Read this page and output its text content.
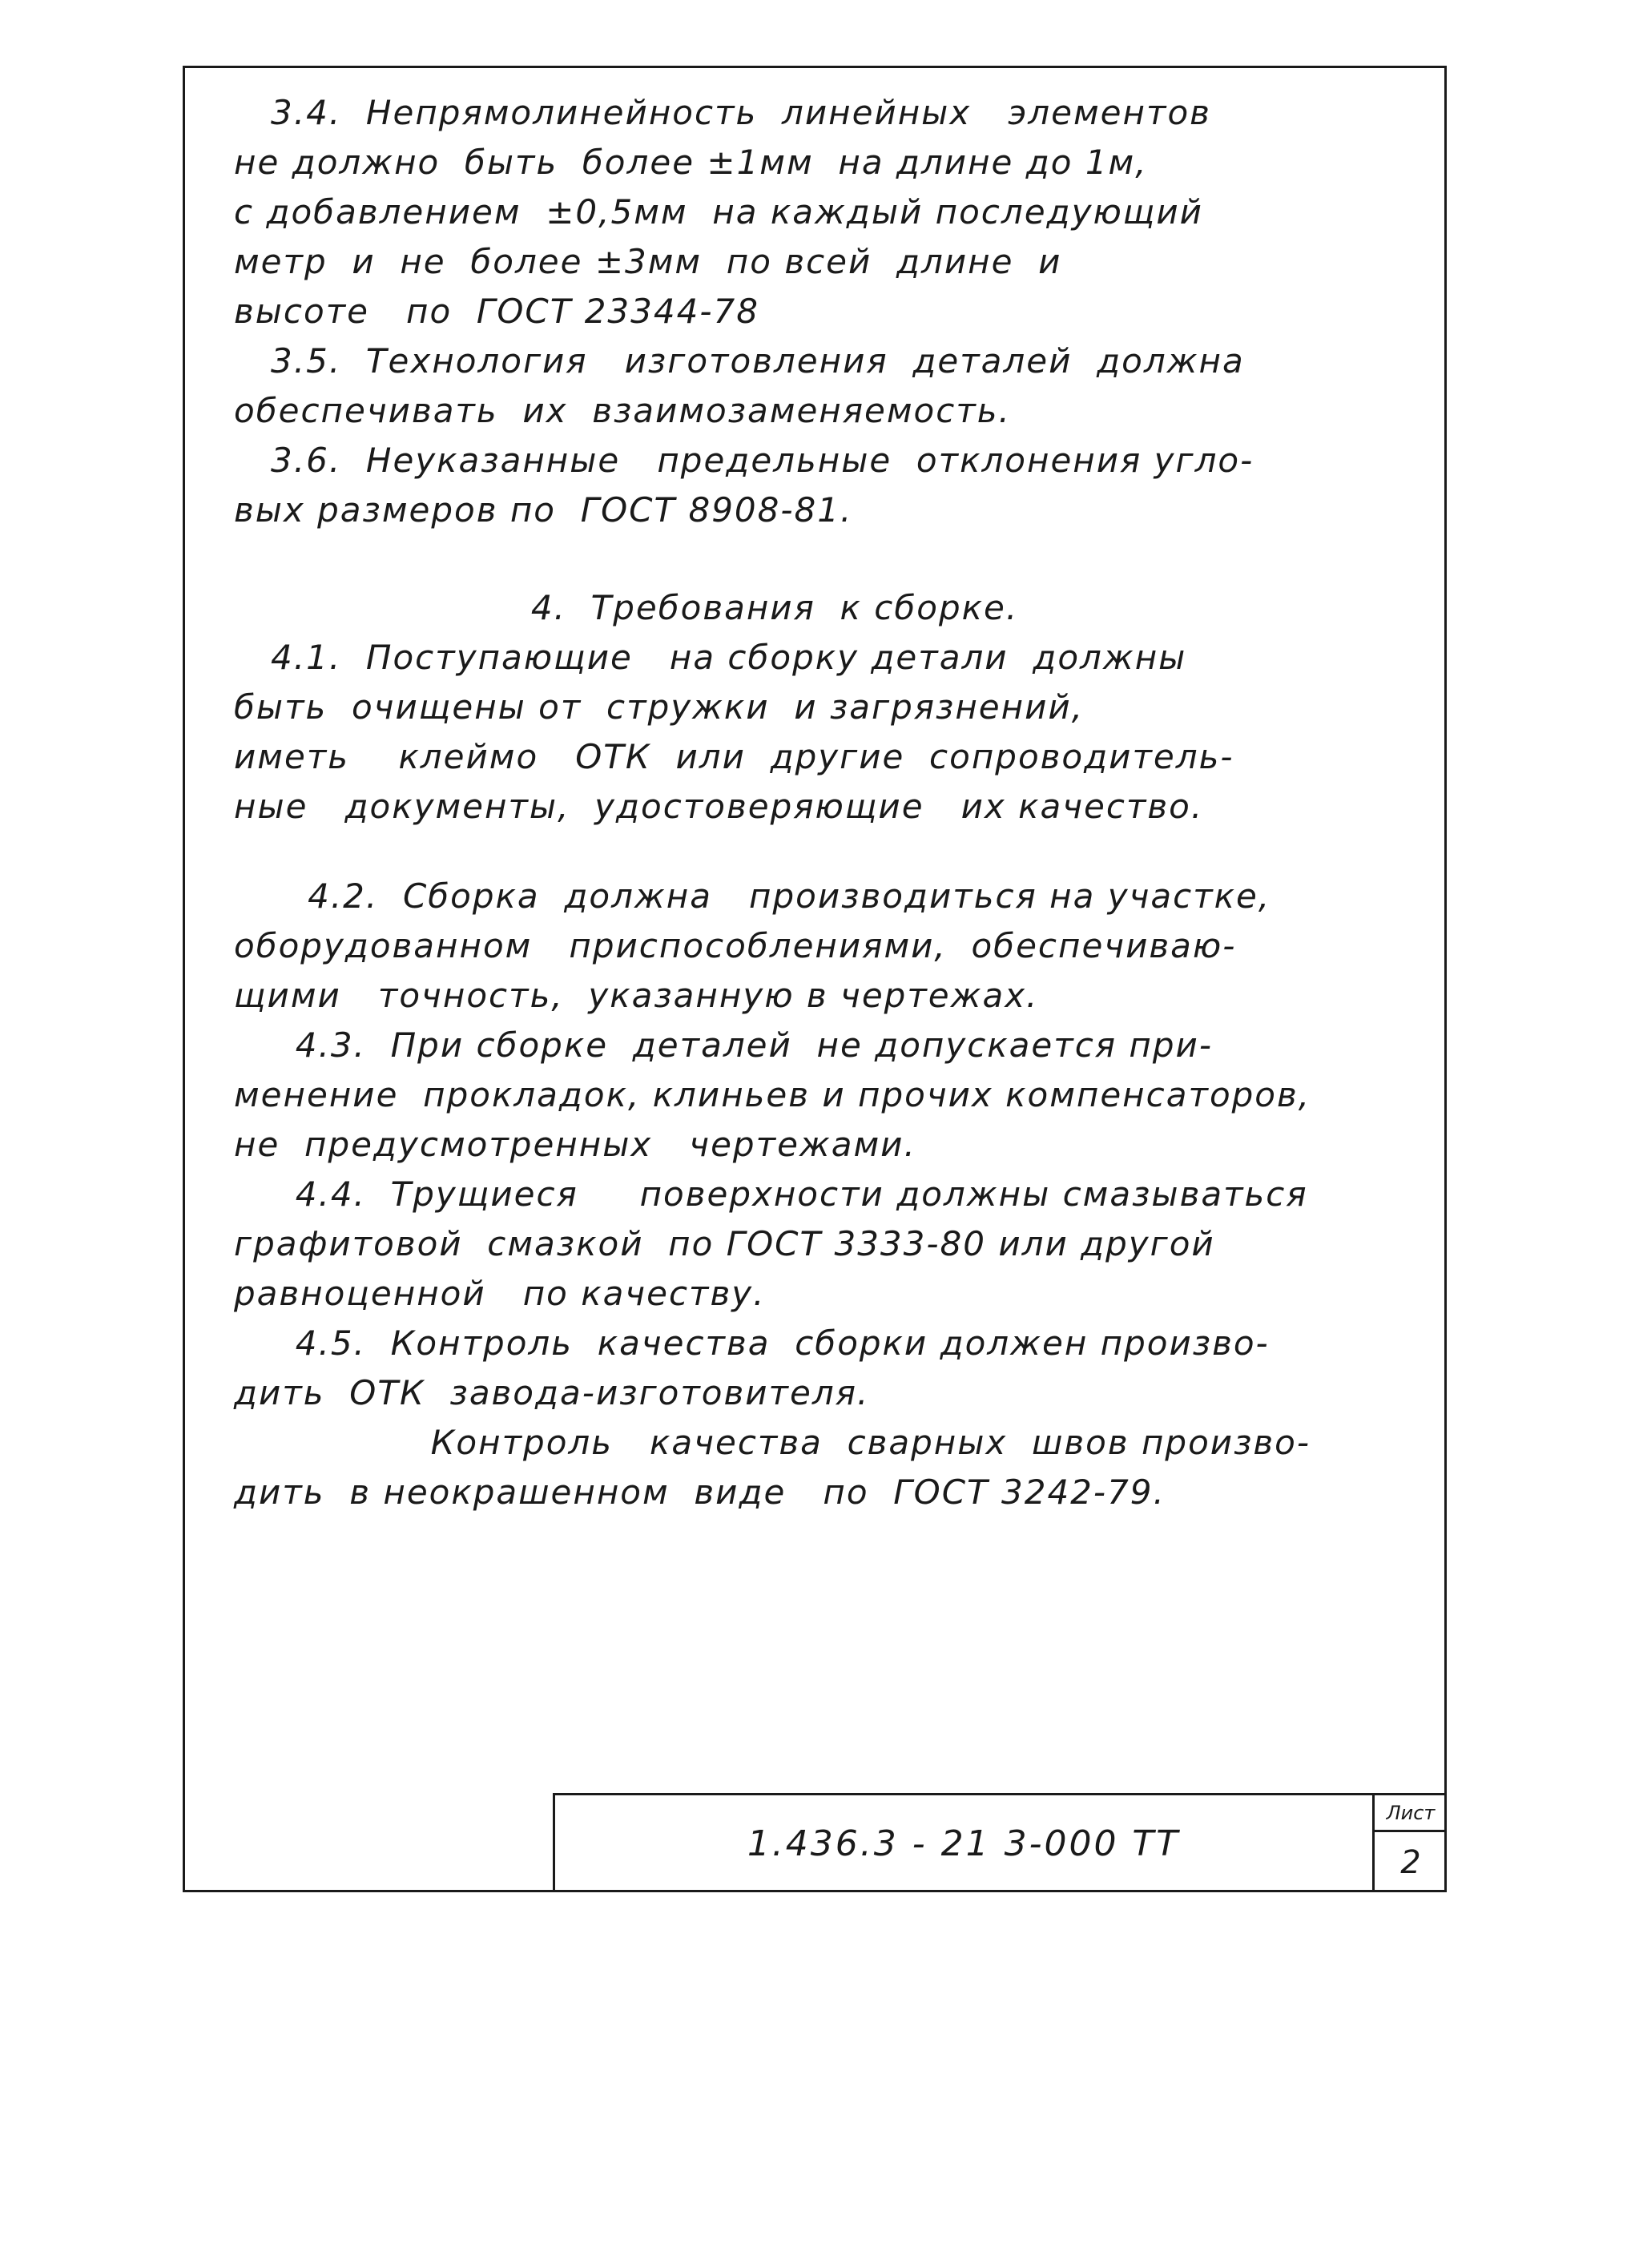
3.4.  Непрямолинейность  линейных   элементов
не должно  быть  более ±1мм  на длине до 1м,
с добавлением  ±0,5мм  на каждый последующий
метр  и  не  более ±3мм  по всей  длине  и
высоте   по  ГОСТ 23344-78
3.5.  Технология   изготовления  деталей  должна
обеспечивать  их  взаимозаменяемость.
3.6.  Неуказанные   предельные  отклонения угло-
вых размеров по  ГОСТ 8908-81.
4.  Требования  к сборке.
4.1.  Поступающие   на сборку детали  должны
быть  очищены от  стружки  и загрязнений,
иметь    клеймо   ОТК  или  другие  сопроводитель-
ные   документы,  удостоверяющие   их качество.
4.2.  Сборка  должна   производиться на участке,
оборудованном   приспособлениями,  обеспечиваю-
щими   точность,  указанную в чертежах.
4.3.  При сборке  деталей  не допускается при-
менение  прокладок, клиньев и прочих компенсаторов,
не  предусмотренных   чертежами.
4.4.  Трущиеся     поверхности должны смазываться
графитовой  смазкой  по ГОСТ 3333-80 или другой
равноценной   по качеству.
4.5.  Контроль  качества  сборки должен произво-
дить  ОТК  завода-изготовителя.
Контроль   качества  сварных  швов произво-
дить  в неокрашенном  виде   по  ГОСТ 3242-79.
1.436.3 - 21 3-000 ТТ
Лист
2
